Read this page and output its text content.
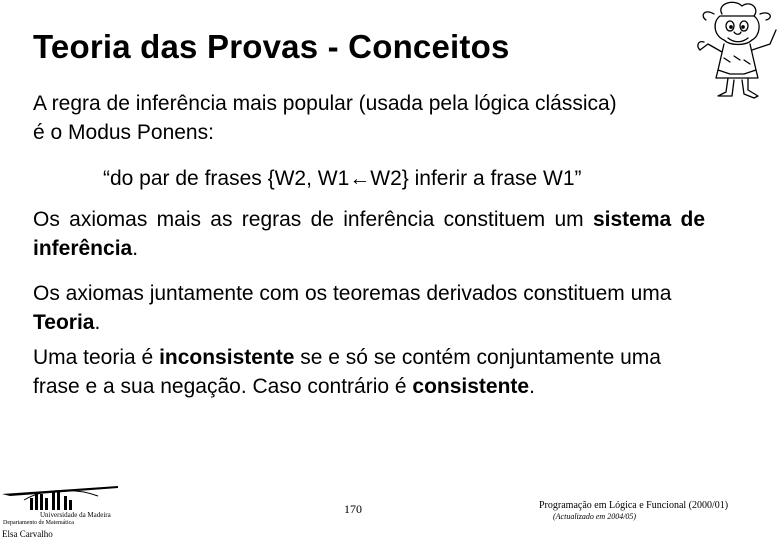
Teoria das Provas - Conceitos
A regra de inferência mais popular (usada pela lógica clássica)
é o Modus Ponens:
“do par de frases {W2, W1←W2} inferir a frase W1”
Os axiomas mais as regras de inferência constituem um sistema de inferência.
Os axiomas juntamente com os teoremas derivados constituem uma Teoria.
Uma teoria é inconsistente se e só se contém conjuntamente uma frase e a sua negação. Caso contrário é consistente.
Universidade da Madeira
Departamento de Matemática
Elsa Carvalho
170	Programação em Lógica e Funcional (2000/01)
(Actualizado em 2004/05)
